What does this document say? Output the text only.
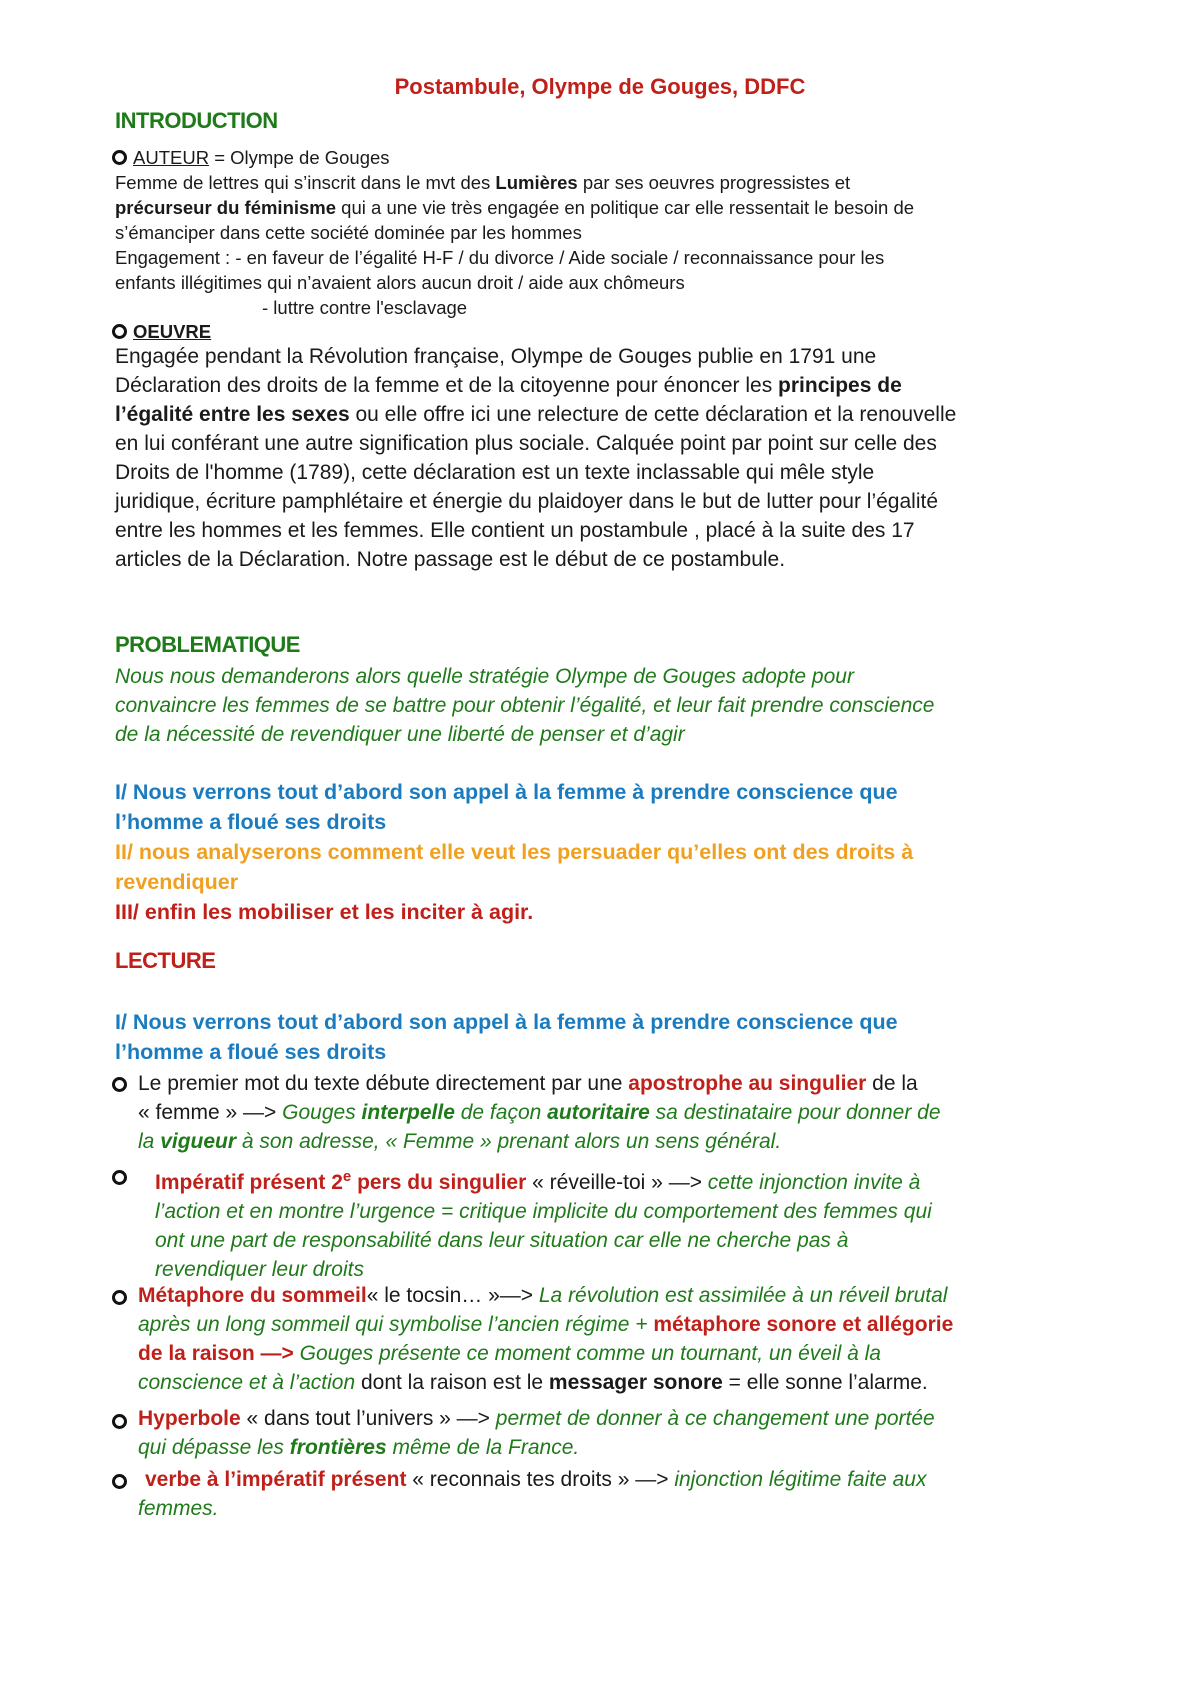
Postambule, Olympe de Gouges, DDFC
INTRODUCTION
AUTEUR = Olympe de Gouges
Femme de lettres qui s’inscrit dans le mvt des Lumières par ses oeuvres progressistes et
précurseur du féminisme qui a une vie très engagée en politique car elle ressentait le besoin de
s’émanciper dans cette société dominée par les hommes
Engagement : - en faveur de l’égalité H-F / du divorce / Aide sociale / reconnaissance pour les
enfants illégitimes qui n’avaient alors aucun droit / aide aux chômeurs
- luttre contre l'esclavage
OEUVRE
Engagée pendant la Révolution française, Olympe de Gouges publie en 1791 une
Déclaration des droits de la femme et de la citoyenne pour énoncer les principes de
l’égalité entre les sexes ou elle offre ici une relecture de cette déclaration et la renouvelle
en lui conférant une autre signification plus sociale. Calquée point par point sur celle des
Droits de l'homme (1789), cette déclaration est un texte inclassable qui mêle style
juridique, écriture pamphlétaire et énergie du plaidoyer dans le but de lutter pour l’égalité
entre les hommes et les femmes. Elle contient un postambule , placé à la suite des 17
articles de la Déclaration. Notre passage est le début de ce postambule.
PROBLEMATIQUE
Nous nous demanderons alors quelle stratégie Olympe de Gouges adopte pour
convaincre les femmes de se battre pour obtenir l’égalité, et leur fait prendre conscience
de la nécessité de revendiquer une liberté de penser et d’agir
I/ Nous verrons tout d’abord son appel à la femme à prendre conscience que
l’homme a floué ses droits
II/ nous analyserons comment elle veut les persuader qu’elles ont des droits à
revendiquer
III/ enfin les mobiliser et les inciter à agir.
LECTURE
I/ Nous verrons tout d’abord son appel à la femme à prendre conscience que
l’homme a floué ses droits
Le premier mot du texte débute directement par une apostrophe au singulier de la
« femme » —> Gouges interpelle de façon autoritaire sa destinataire pour donner de
la vigueur à son adresse, « Femme » prenant alors un sens général.
Impératif présent 2e pers du singulier « réveille-toi » —> cette injonction invite à
l’action et en montre l’urgence = critique implicite du comportement des femmes qui
ont une part de responsabilité dans leur situation car elle ne cherche pas à
revendiquer leur droits
Métaphore du sommeil« le tocsin… »—> La révolution est assimilée à un réveil brutal
après un long sommeil qui symbolise l’ancien régime + métaphore sonore et allégorie
de la raison —> Gouges présente ce moment comme un tournant, un éveil à la
conscience et à l’action dont la raison est le messager sonore = elle sonne l’alarme.
Hyperbole « dans tout l’univers » —> permet de donner à ce changement une portée
qui dépasse les frontières même de la France.
verbe à l’impératif présent « reconnais tes droits » —> injonction légitime faite aux
femmes.
